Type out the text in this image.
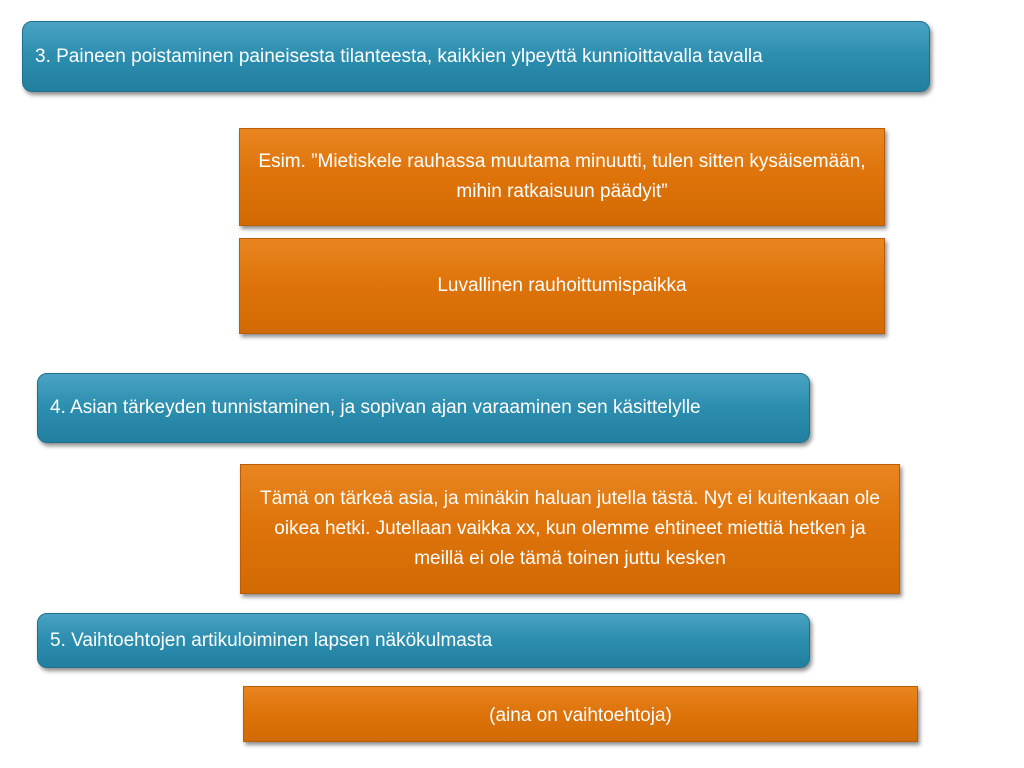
3. Paineen poistaminen paineisesta tilanteesta, kaikkien ylpeyttä kunnioittavalla tavalla
Esim. ”Mietiskele rauhassa muutama minuutti, tulen sitten kysäisemään, mihin ratkaisuun päädyit”
Luvallinen rauhoittumispaikka
4. Asian tärkeyden tunnistaminen, ja sopivan ajan varaaminen sen käsittelylle
Tämä on tärkeä asia, ja minäkin haluan jutella tästä. Nyt ei kuitenkaan ole oikea hetki. Jutellaan vaikka xx, kun olemme ehtineet miettiä hetken ja meillä ei ole tämä toinen juttu kesken
5. Vaihtoehtojen artikuloiminen lapsen näkökulmasta
(aina on vaihtoehtoja)
